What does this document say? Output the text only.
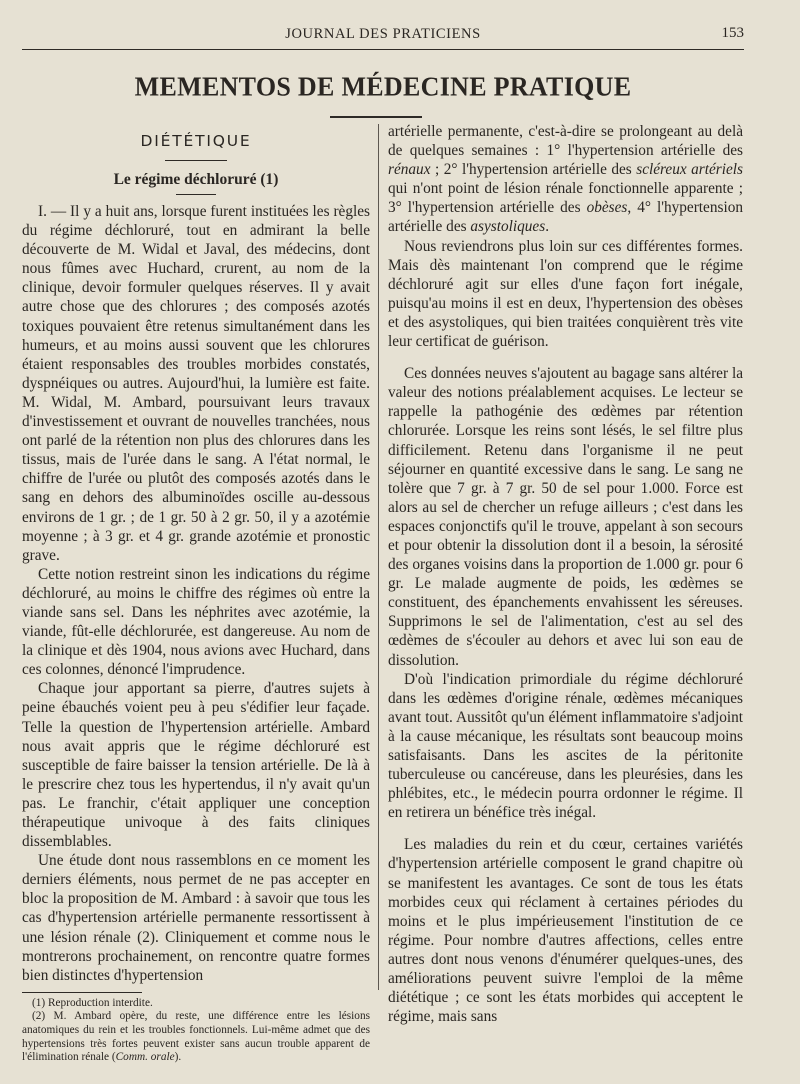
JOURNAL DES PRATICIENS	153
MEMENTOS DE MÉDECINE PRATIQUE
DIÉTÉTIQUE
Le régime déchloruré (1)

I. — Il y a huit ans, lorsque furent instituées les règles du régime déchloruré, tout en admirant la belle découverte de M. Widal et Javal, des médecins, dont nous fûmes avec Huchard, crurent, au nom de la clinique, devoir formuler quelques réserves. Il y avait autre chose que des chlorures ; des composés azotés toxiques pouvaient être retenus simultanément dans les humeurs, et au moins aussi souvent que les chlorures étaient responsables des troubles morbides constatés, dyspnéiques ou autres. Aujourd'hui, la lumière est faite. M. Widal, M. Ambard, poursuivant leurs travaux d'investissement et ouvrant de nouvelles tranchées, nous ont parlé de la rétention non plus des chlorures dans les tissus, mais de l'urée dans le sang. A l'état normal, le chiffre de l'urée ou plutôt des composés azotés dans le sang en dehors des albuminoïdes oscille au-dessous environs de 1 gr. ; de 1 gr. 50 à 2 gr. 50, il y a azotémie moyenne ; à 3 gr. et 4 gr. grande azotémie et pronostic grave.

Cette notion restreint sinon les indications du régime déchloruré, au moins le chiffre des régimes où entre la viande sans sel. Dans les néphrites avec azotémie, la viande, fût-elle déchlorurée, est dangereuse. Au nom de la clinique et dès 1904, nous avions avec Huchard, dans ces colonnes, dénoncé l'imprudence.

Chaque jour apportant sa pierre, d'autres sujets à peine ébauchés voient peu à peu s'édifier leur façade. Telle la question de l'hypertension artérielle. Ambard nous avait appris que le régime déchloruré est susceptible de faire baisser la tension artérielle. De là à le prescrire chez tous les hypertendus, il n'y avait qu'un pas. Le franchir, c'était appliquer une conception thérapeutique univoque à des faits cliniques dissemblables.

Une étude dont nous rassemblons en ce moment les derniers éléments, nous permet de ne pas accepter en bloc la proposition de M. Ambard : à savoir que tous les cas d'hypertension artérielle permanente ressortissent à une lésion rénale (2). Cliniquement et comme nous le montrerons prochainement, on rencontre quatre formes bien distinctes d'hypertension

(1) Reproduction interdite.

(2) M. Ambard opère, du reste, une différence entre les lésions anatomiques du rein et les troubles fonctionnels. Lui-même admet que des hypertensions très fortes peuvent exister sans aucun trouble apparent de l'élimination rénale (Comm. orale).

artérielle permanente, c'est-à-dire se prolongeant au delà de quelques semaines : 1° l'hypertension artérielle des rénaux ; 2° l'hypertension artérielle des scléreux artériels qui n'ont point de lésion rénale fonctionnelle apparente ; 3° l'hypertension artérielle des obèses, 4° l'hypertension artérielle des asystoliques.

Nous reviendrons plus loin sur ces différentes formes. Mais dès maintenant l'on comprend que le régime déchloruré agit sur elles d'une façon fort inégale, puisqu'au moins il est en deux, l'hypertension des obèses et des asystoliques, qui bien traitées conquièrent très vite leur certificat de guérison.

Ces données neuves s'ajoutent au bagage sans altérer la valeur des notions préalablement acquises. Le lecteur se rappelle la pathogénie des œdèmes par rétention chlorurée. Lorsque les reins sont lésés, le sel filtre plus difficilement. Retenu dans l'organisme il ne peut séjourner en quantité excessive dans le sang. Le sang ne tolère que 7 gr. à 7 gr. 50 de sel pour 1.000. Force est alors au sel de chercher un refuge ailleurs ; c'est dans les espaces conjonctifs qu'il le trouve, appelant à son secours et pour obtenir la dissolution dont il a besoin, la sérosité des organes voisins dans la proportion de 1.000 gr. pour 6 gr. Le malade augmente de poids, les œdèmes se constituent, des épanchements envahissent les séreuses. Supprimons le sel de l'alimentation, c'est au sel des œdèmes de s'écouler au dehors et avec lui son eau de dissolution.

D'où l'indication primordiale du régime déchloruré dans les œdèmes d'origine rénale, œdèmes mécaniques avant tout. Aussitôt qu'un élément inflammatoire s'adjoint à la cause mécanique, les résultats sont beaucoup moins satisfaisants. Dans les ascites de la péritonite tuberculeuse ou cancéreuse, dans les pleurésies, dans les phlébites, etc., le médecin pourra ordonner le régime. Il en retirera un bénéfice très inégal.

Les maladies du rein et du cœur, certaines variétés d'hypertension artérielle composent le grand chapitre où se manifestent les avantages. Ce sont de tous les états morbides ceux qui réclament à certaines périodes du moins et le plus impérieusement l'institution de ce régime. Pour nombre d'autres affections, celles entre autres dont nous venons d'énumérer quelques-unes, des améliorations peuvent suivre l'emploi de la même diététique ; ce sont les états morbides qui acceptent le régime, mais sans
